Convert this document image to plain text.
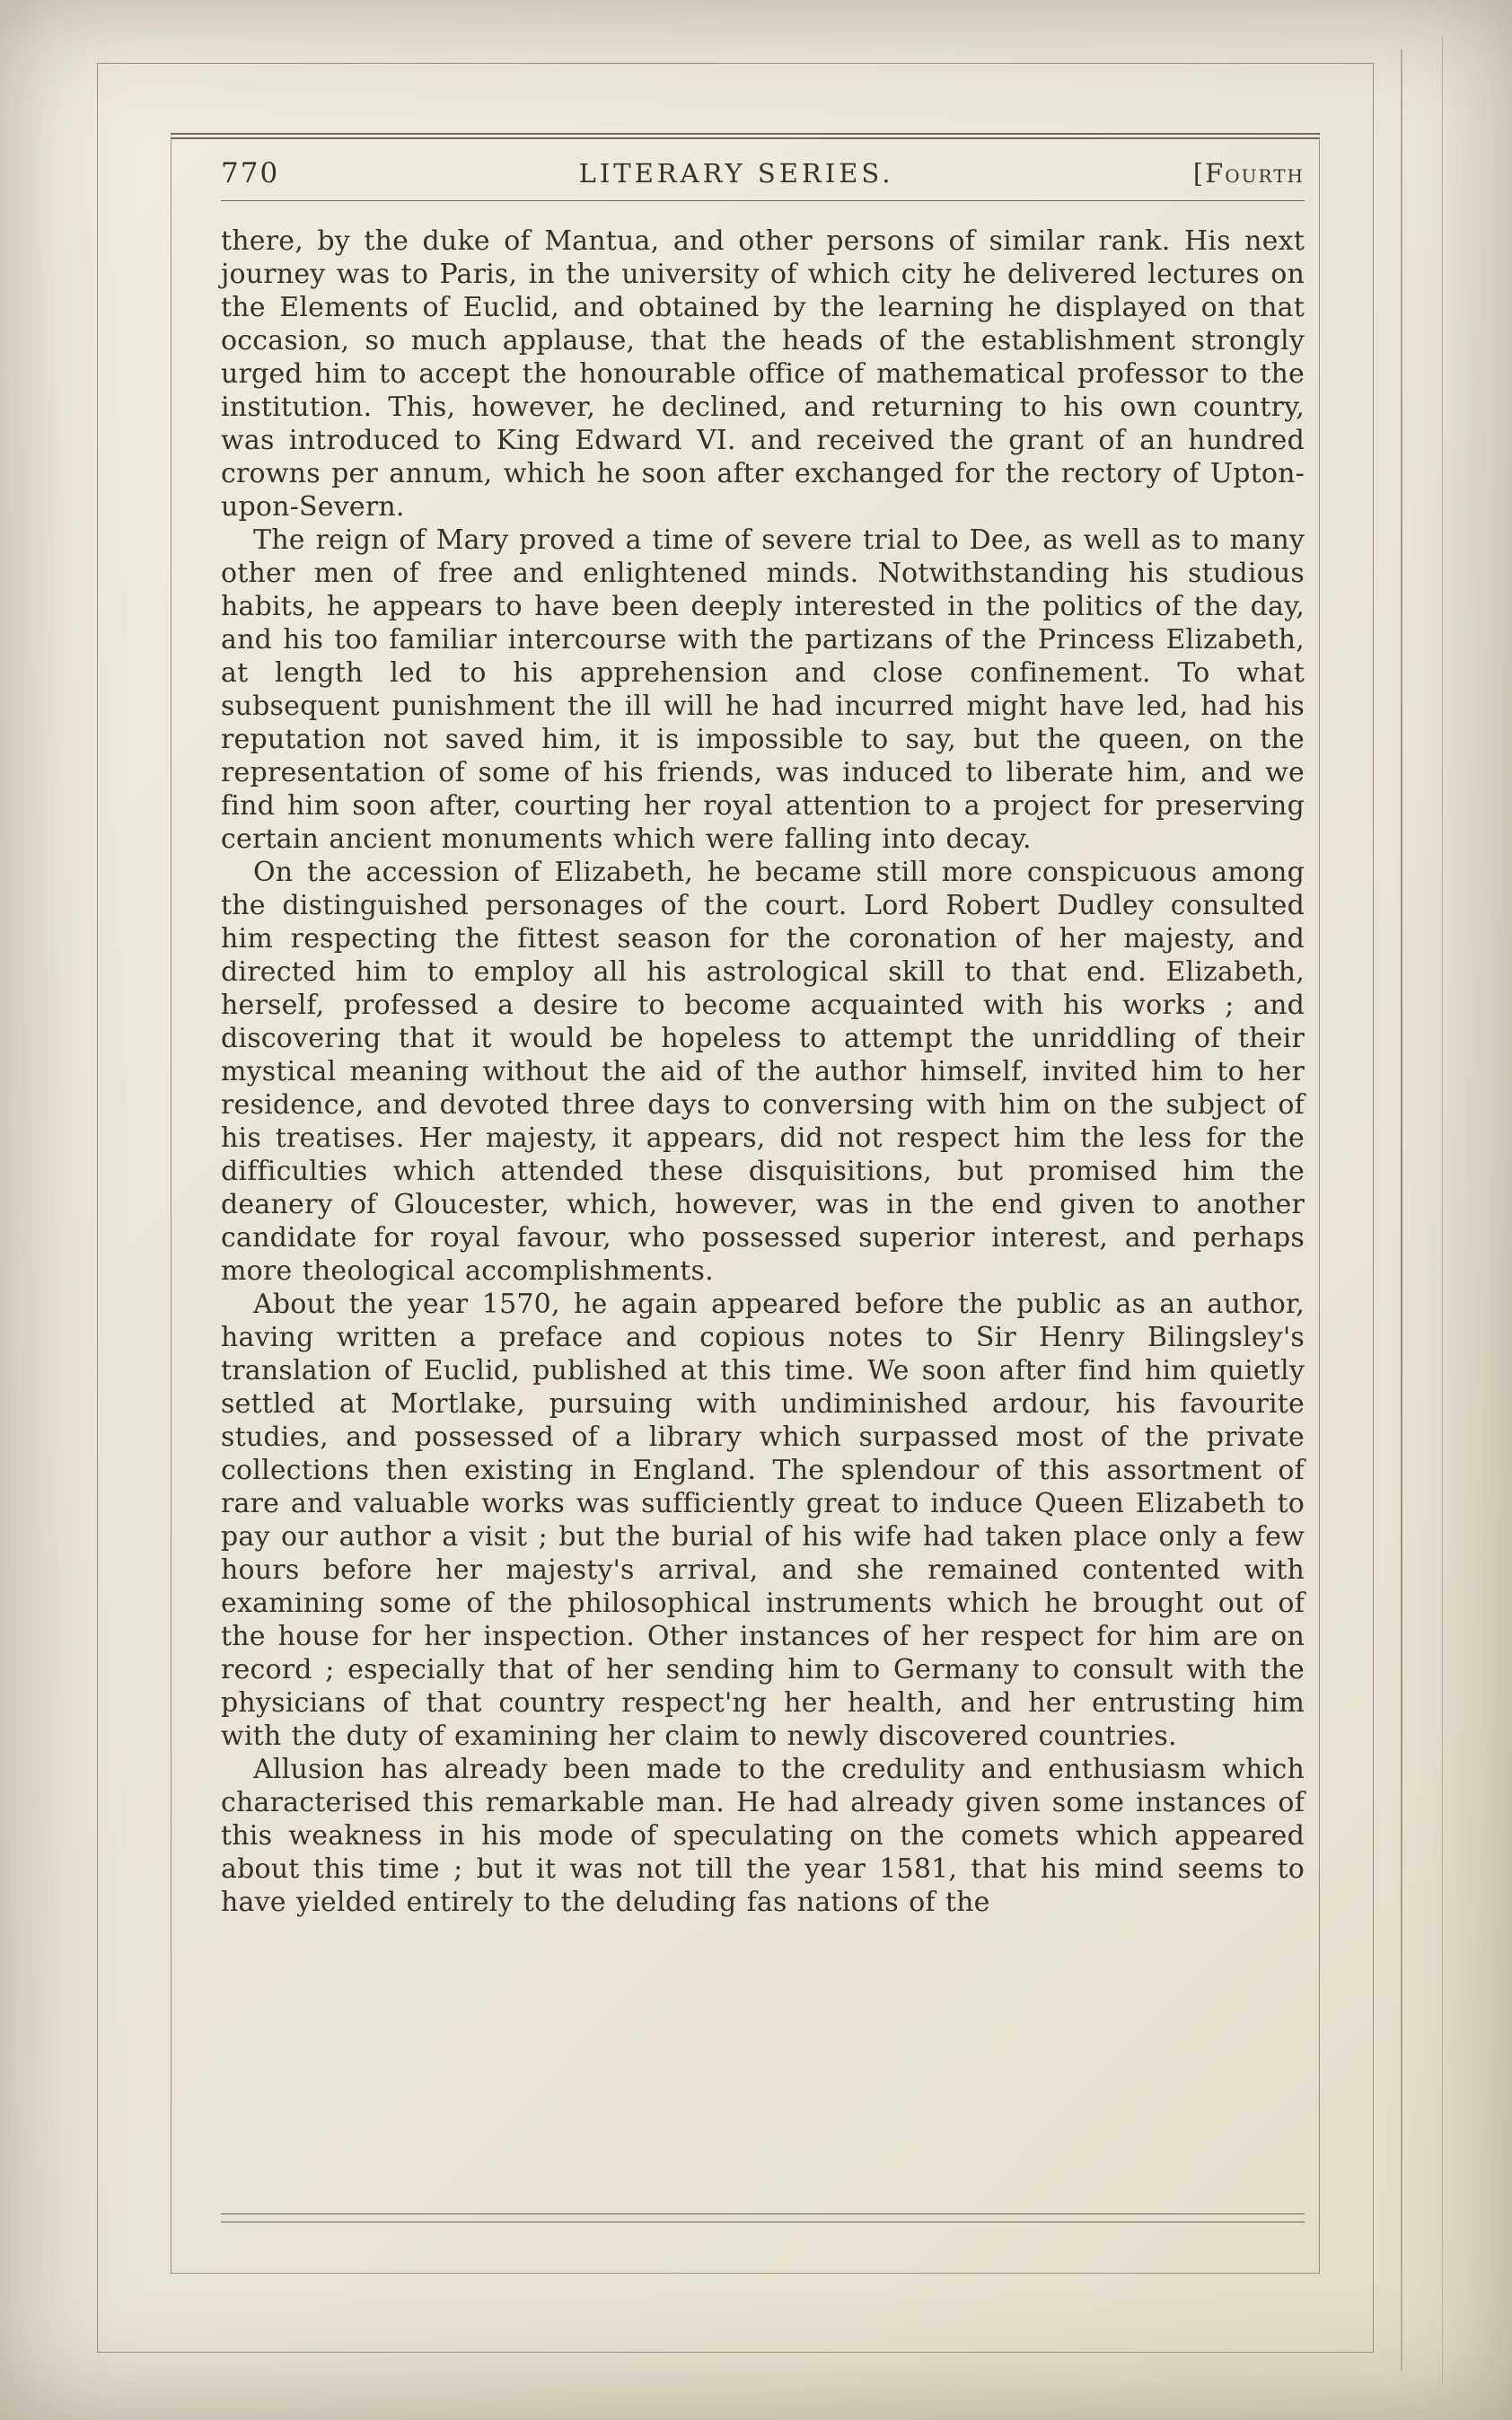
770	LITERARY SERIES.	[Fourth

there, by the duke of Mantua, and other persons of similar rank. His next journey was to Paris, in the university of which city he delivered lectures on the Elements of Euclid, and obtained by the learning he displayed on that occasion, so much applause, that the heads of the establishment strongly urged him to accept the honourable office of mathematical professor to the institution. This, however, he declined, and returning to his own country, was introduced to King Edward VI. and received the grant of an hundred crowns per annum, which he soon after exchanged for the rectory of Upton-upon-Severn.

The reign of Mary proved a time of severe trial to Dee, as well as to many other men of free and enlightened minds. Notwithstanding his studious habits, he appears to have been deeply interested in the politics of the day, and his too familiar intercourse with the partizans of the Princess Elizabeth, at length led to his apprehension and close confinement. To what subsequent punishment the ill will he had incurred might have led, had his reputation not saved him, it is impossible to say, but the queen, on the representation of some of his friends, was induced to liberate him, and we find him soon after, courting her royal attention to a project for preserving certain ancient monuments which were falling into decay.

On the accession of Elizabeth, he became still more conspicuous among the distinguished personages of the court. Lord Robert Dudley consulted him respecting the fittest season for the coronation of her majesty, and directed him to employ all his astrological skill to that end. Elizabeth, herself, professed a desire to become acquainted with his works ; and discovering that it would be hopeless to attempt the unriddling of their mystical meaning without the aid of the author himself, invited him to her residence, and devoted three days to conversing with him on the subject of his treatises. Her majesty, it appears, did not respect him the less for the difficulties which attended these disquisitions, but promised him the deanery of Gloucester, which, however, was in the end given to another candidate for royal favour, who possessed superior interest, and perhaps more theological accomplishments.

About the year 1570, he again appeared before the public as an author, having written a preface and copious notes to Sir Henry Bilingsley's translation of Euclid, published at this time. We soon after find him quietly settled at Mortlake, pursuing with undiminished ardour, his favourite studies, and possessed of a library which surpassed most of the private collections then existing in England. The splendour of this assortment of rare and valuable works was sufficiently great to induce Queen Elizabeth to pay our author a visit ; but the burial of his wife had taken place only a few hours before her majesty's arrival, and she remained contented with examining some of the philosophical instruments which he brought out of the house for her inspection. Other instances of her respect for him are on record ; especially that of her sending him to Germany to consult with the physicians of that country respect'ng her health, and her entrusting him with the duty of examining her claim to newly discovered countries.

Allusion has already been made to the credulity and enthusiasm which characterised this remarkable man. He had already given some instances of this weakness in his mode of speculating on the comets which appeared about this time ; but it was not till the year 1581, that his mind seems to have yielded entirely to the deluding fas nations of the
